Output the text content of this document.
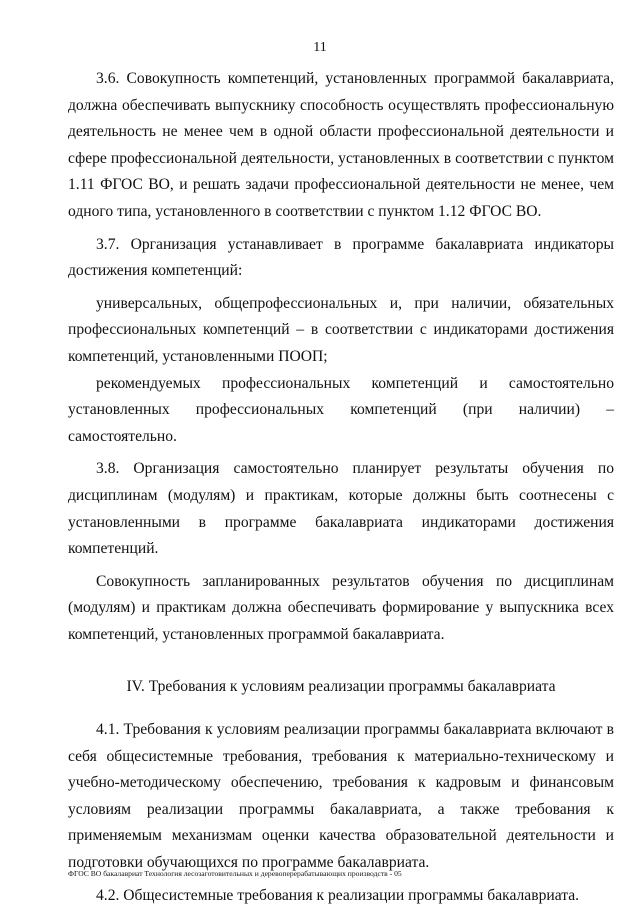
11

3.6. Совокупность компетенций, установленных программой бакалавриата, должна обеспечивать выпускнику способность осуществлять профессиональную деятельность не менее чем в одной области профессиональной деятельности и сфере профессиональной деятельности, установленных в соответствии с пунктом 1.11 ФГОС ВО, и решать задачи профессиональной деятельности не менее, чем одного типа, установленного в соответствии с пунктом 1.12 ФГОС ВО.

3.7. Организация устанавливает в программе бакалавриата индикаторы достижения компетенций:

универсальных, общепрофессиональных и, при наличии, обязательных профессиональных компетенций – в соответствии с индикаторами достижения компетенций, установленными ПООП;

рекомендуемых профессиональных компетенций и самостоятельно установленных профессиональных компетенций (при наличии) – самостоятельно.

3.8. Организация самостоятельно планирует результаты обучения по дисциплинам (модулям) и практикам, которые должны быть соотнесены с установленными в программе бакалавриата индикаторами достижения компетенций.

Совокупность запланированных результатов обучения по дисциплинам (модулям) и практикам должна обеспечивать формирование у выпускника всех компетенций, установленных программой бакалавриата.

IV. Требования к условиям реализации программы бакалавриата

4.1. Требования к условиям реализации программы бакалавриата включают в себя общесистемные требования, требования к материально-техническому и учебно-методическому обеспечению, требования к кадровым и финансовым условиям реализации программы бакалавриата, а также требования к применяемым механизмам оценки качества образовательной деятельности и подготовки обучающихся по программе бакалавриата.

4.2. Общесистемные требования к реализации программы бакалавриата.

ФГОС ВО бакалавриат Технология лесозаготовительных и деревоперерабатывающих производств - 05
